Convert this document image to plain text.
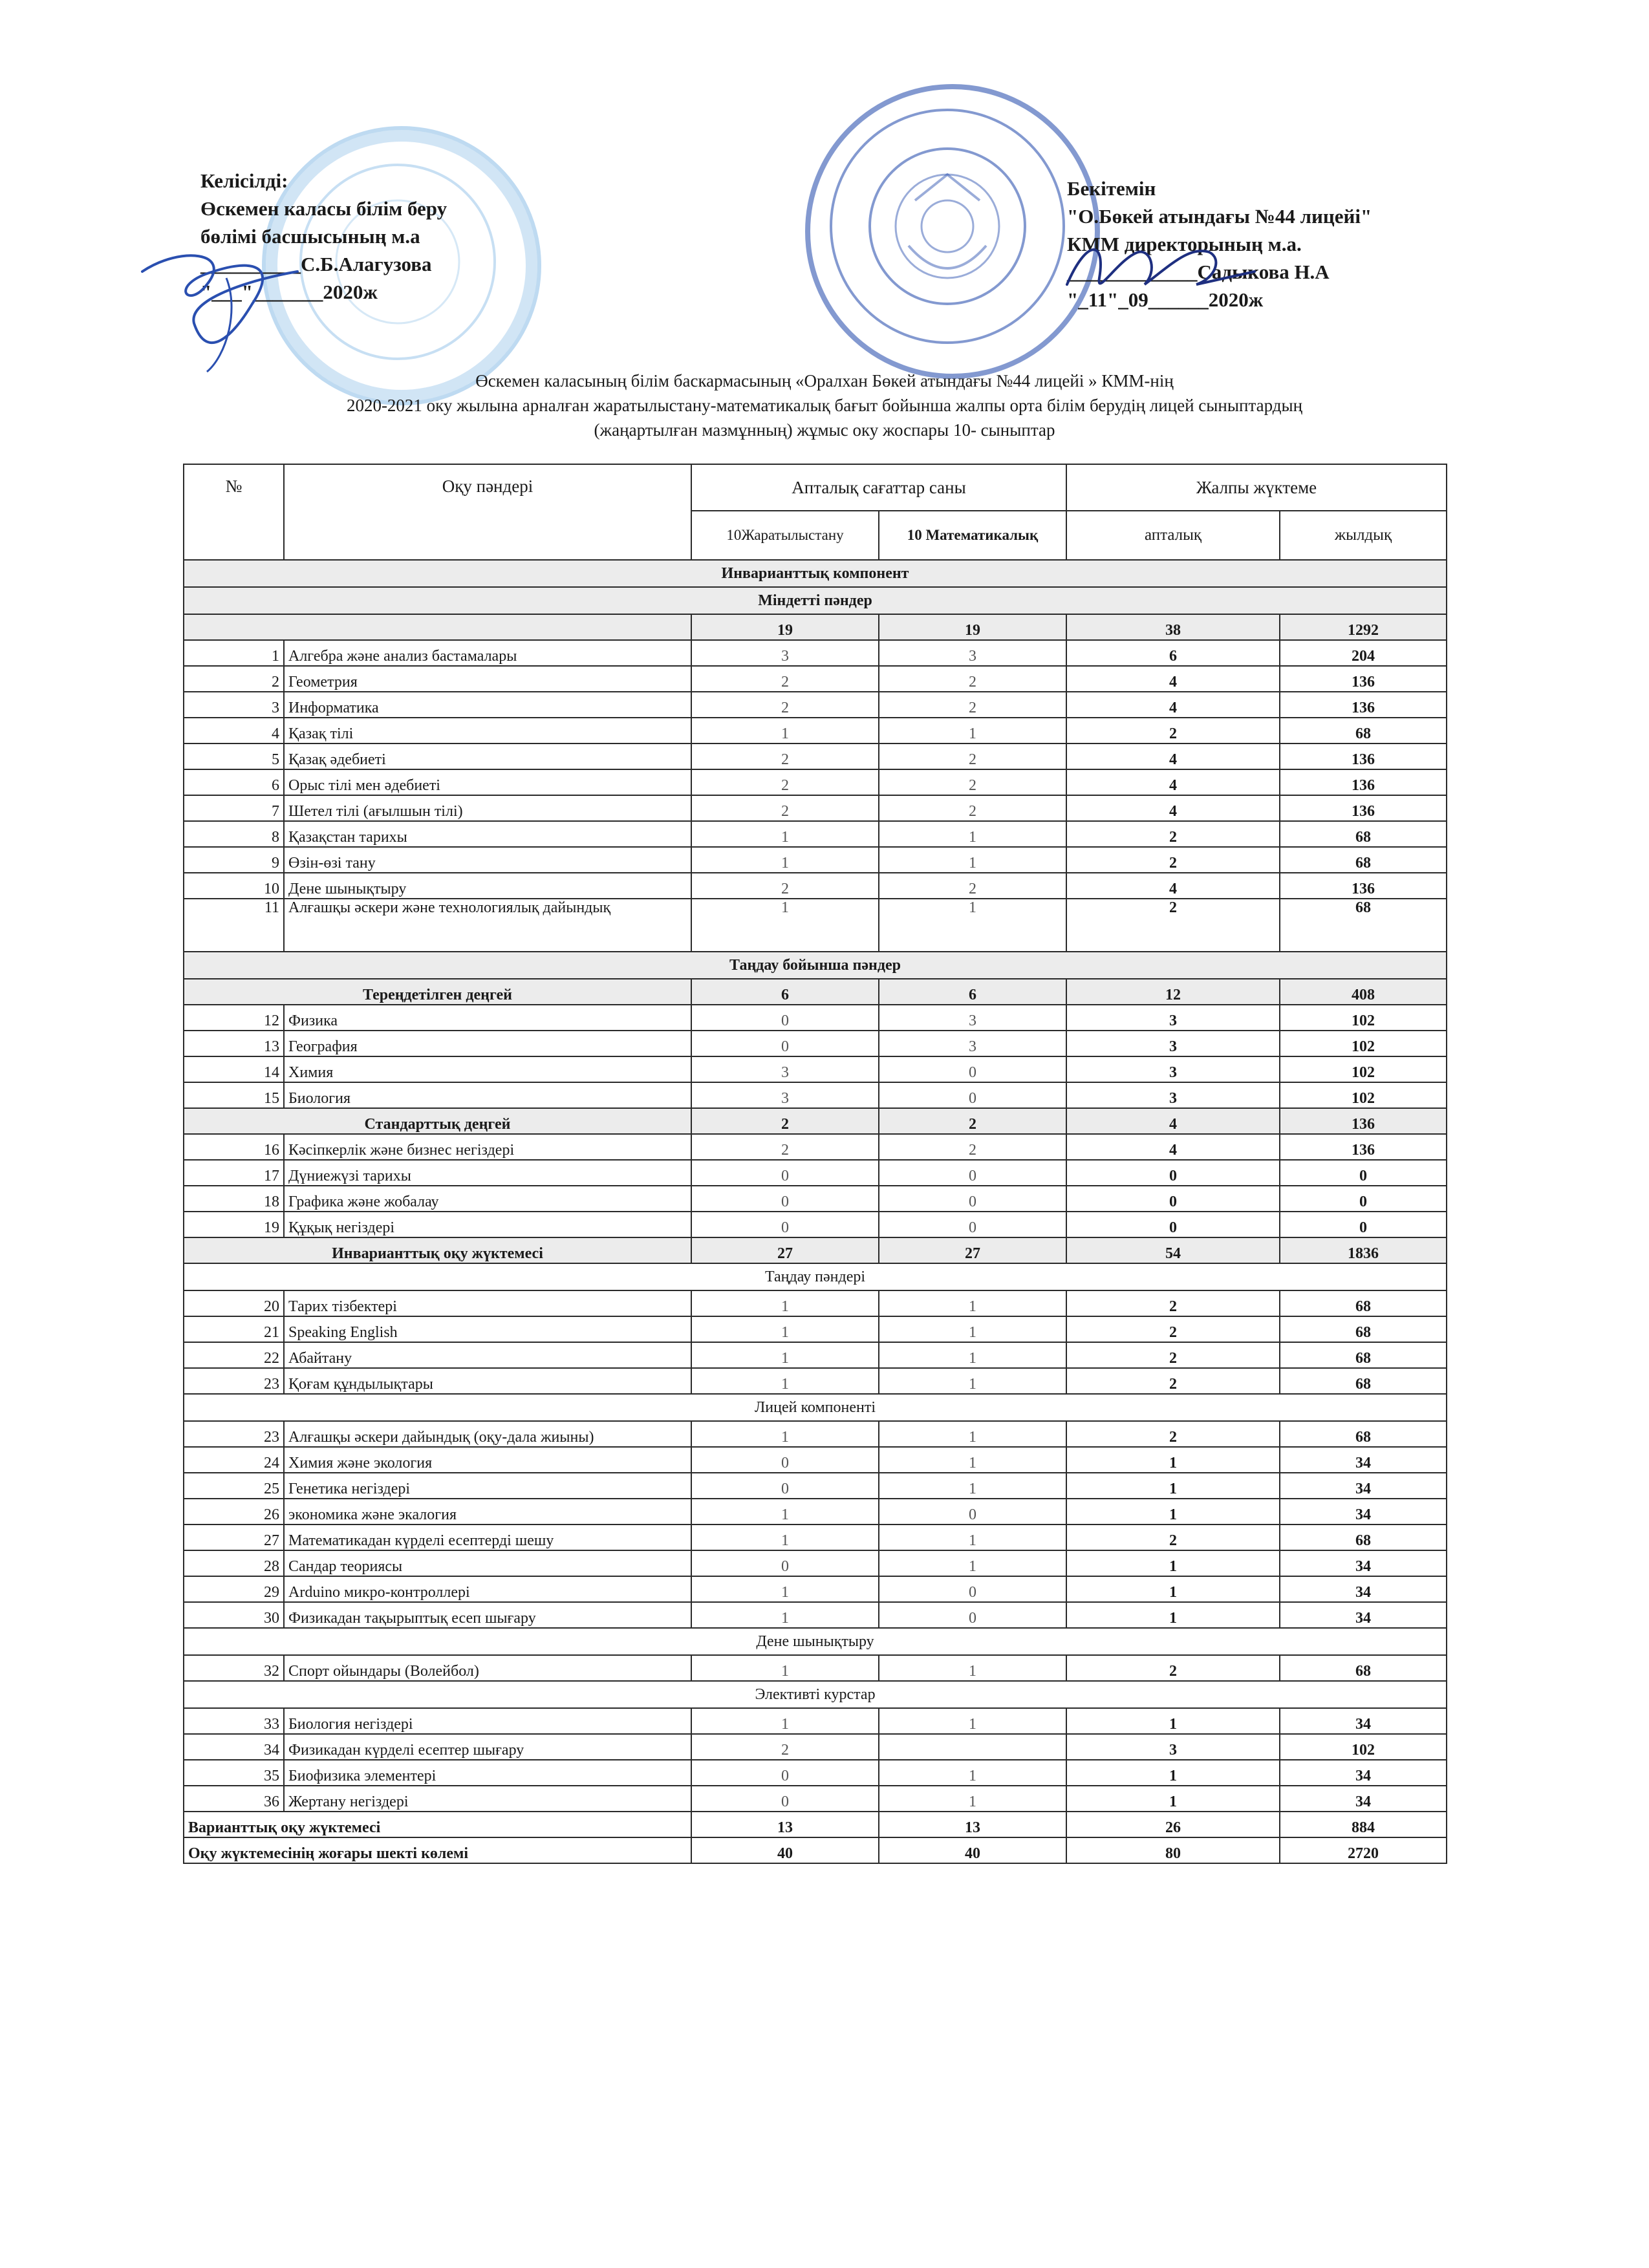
Келісілді:
Өскемен каласы білім беру
бөлімі басшысының м.а
__________С.Б.Алагузова
"___"_______2020ж
Бекітемін
"О.Бөкей атындағы №44 лицейі"
КММ директорының м.а.
_____________Садыкова Н.А
"_11"_09______2020ж
Өскемен каласының білім баскармасының «Оралхан Бөкей атындағы №44 лицейі » КММ-нің
2020-2021 оку жылына арналған жаратылыстану-математикалық бағыт бойынша жалпы орта білім берудің лицей сыныптардың
(жаңартылған мазмұнның) жұмыс оку жоспары 10- сыныптар
№	Оқу пәндері	Апталық сағаттар саны		Жалпы жүктеме	
		10Жаратылыстану	10 Математикалық	апталық	жылдық
Инварианттық компонент					
Міндетті пәндер					
		19	19	38	1292
1	Алгебра және анализ бастамалары	3	3	6	204
2	Геометрия	2	2	4	136
3	Информатика	2	2	4	136
4	Қазақ тілі	1	1	2	68
5	Қазақ әдебиеті	2	2	4	136
6	Орыс тілі мен әдебиеті	2	2	4	136
7	Шетел тілі (ағылшын тілі)	2	2	4	136
8	Қазақстан тарихы	1	1	2	68
9	Өзін-өзі тану	1	1	2	68
10	Дене шынықтыру	2	2	4	136
11	Алғашқы әскери және технологиялық дайындық	1	1	2	68
Таңдау бойынша пәндер					
Тереңдетілген деңгей		6	6	12	408
12	Физика	0	3	3	102
13	География	0	3	3	102
14	Химия	3	0	3	102
15	Биология	3	0	3	102
Стандарттық деңгей		2	2	4	136
16	Кәсіпкерлік және бизнес негіздері	2	2	4	136
17	Дүниежүзі тарихы	0	0	0	0
18	Графика және жобалау	0	0	0	0
19	Құқық негіздері	0	0	0	0
Инварианттық оқу жүктемесі		27	27	54	1836
Таңдау пәндері					
20	Тарих тізбектері	1	1	2	68
21	Speaking English	1	1	2	68
22	Абайтану	1	1	2	68
23	Қоғам құндылықтары	1	1	2	68
Лицей компоненті					
23	Алғашқы әскери дайындық (оқу-дала жиыны)	1	1	2	68
24	Химия және экология	0	1	1	34
25	Генетика негіздері	0	1	1	34
26	экономика және экалогия	1	0	1	34
27	Математикадан күрделі есептерді шешу	1	1	2	68
28	Сандар теориясы	0	1	1	34
29	Arduino микро-контроллері	1	0	1	34
30	Физикадан тақырыптық есеп шығару	1	0	1	34
Дене шынықтыру					
32	Спорт ойындары (Волейбол)	1	1	2	68
Элективті курстар					
33	Биология негіздері	1	1	1	34
34	Физикадан күрделі есептер шығару	2		3	102
35	Биофизика элементері	0	1	1	34
36	Жертану негіздері	0	1	1	34
Варианттық оқу жүктемесі		13	13	26	884
Оқу жүктемесінің жоғары шекті көлемі		40	40	80	2720
